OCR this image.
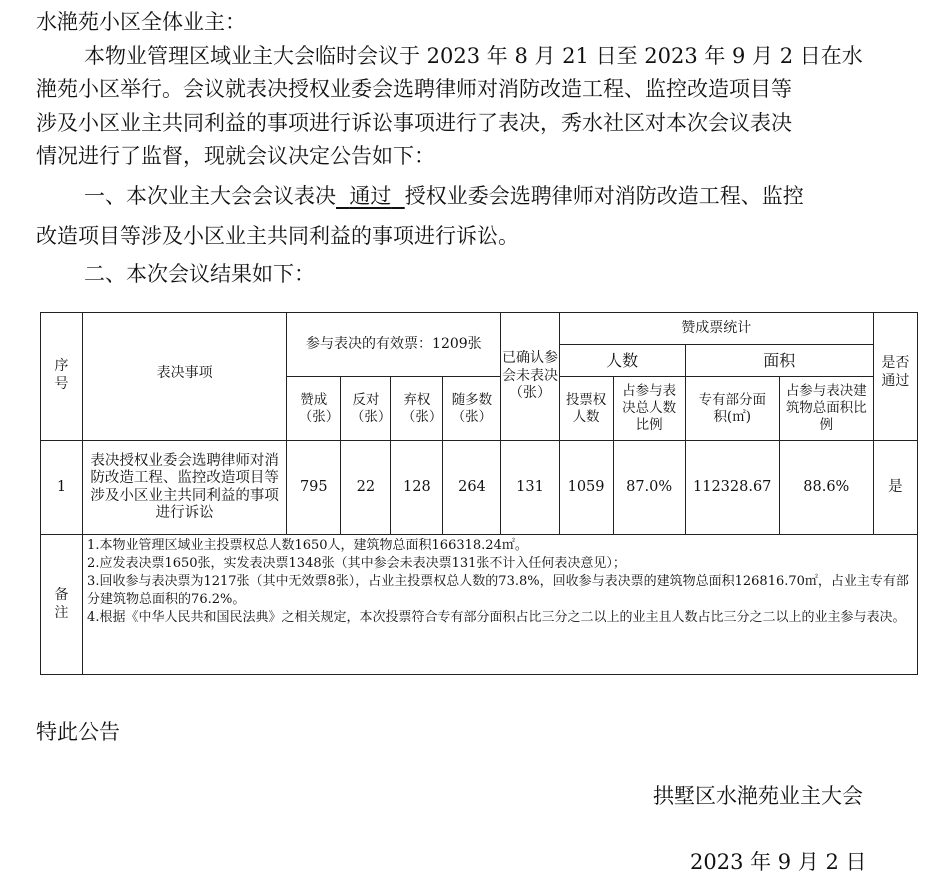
水滟苑小区全体业主：

本物业管理区域业主大会临时会议于 2023 年 8 月 21 日至 2023 年 9 月 2 日在水

滟苑小区举行。会议就表决授权业委会选聘律师对消防改造工程、监控改造项目等

涉及小区业主共同利益的事项进行诉讼事项进行了表决，秀水社区对本次会议表决

情况进行了监督，现就会议决定公告如下：

一、本次业主大会会议表决 通过 授权业委会选聘律师对消防改造工程、监控

改造项目等涉及小区业主共同利益的事项进行诉讼。

二、本次会议结果如下：

序号	表决事项	参与表决的有效票：1209张				已确认参会未表决（张）	赞成票统计				是否通过
							人数		面积		
		赞成（张）	反对（张）	弃权（张）	随多数（张）		投票权人数	占参与表决总人数比例	专有部分面积(㎡)	占参与表决建筑物总面积比例	
1	表决授权业委会选聘律师对消防改造工程、监控改造项目等涉及小区业主共同利益的事项进行诉讼	795	22	128	264	131	1059	87.0%	112328.67	88.6%	是
备注	1.本物业管理区域业主投票权总人数1650人，建筑物总面积166318.24㎡。
2.应发表决票1650张，实发表决票1348张（其中参会未表决票131张不计入任何表决意见）；
3.回收参与表决票为1217张（其中无效票8张），占业主投票权总人数的73.8%，回收参与表决票的建筑物总面积126816.70㎡，占业主专有部分建筑物总面积的76.2%。
4.根据《中华人民共和国民法典》之相关规定，本次投票符合专有部分面积占比三分之二以上的业主且人数占比三分之二以上的业主参与表决。										

特此公告

拱墅区水滟苑业主大会

2023 年 9 月 2 日
